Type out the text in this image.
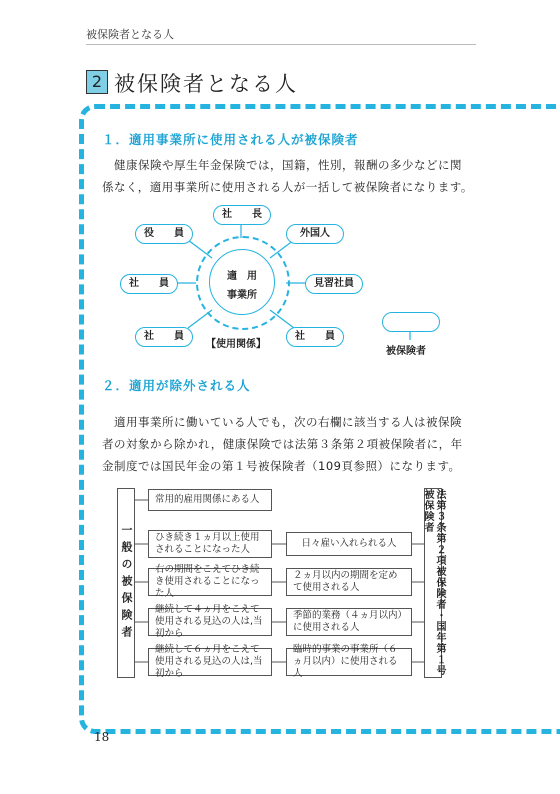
被保険者となる人
2 被保険者となる人
１．適用事業所に使用される人が被保険者
健康保険や厚生年金保険では，国籍，性別，報酬の多少などに関
係なく，適用事業所に使用される人が一括して被保険者になります。
適　用
事業所
社　　長
役　　員	外国人
社　　員	見習社員
社　　員	社　　員
【使用関係】
被保険者
２．適用が除外される人
適用事業所に働いている人でも，次の右欄に該当する人は被保険
者の対象から除かれ，健康保険では法第３条第２項被保険者に，年
金制度では国民年金の第１号被保険者（109頁参照）になります。
一般の被保険者	法第３条第２項被保険者・国年第１号被保険者
常用的雇用関係にある人
ひき続き１ヵ月以上使用されることになった人
日々雇い入れられる人
右の期間をこえてひき続き使用されることになった人
２ヵ月以内の期間を定めて使用される人
継続して４ヵ月をこえて使用される見込の人は,当初から
季節的業務（４ヵ月以内）に使用される人
継続して６ヵ月をこえて使用される見込の人は,当初から
臨時的事業の事業所（６ヵ月以内）に使用される人
18
